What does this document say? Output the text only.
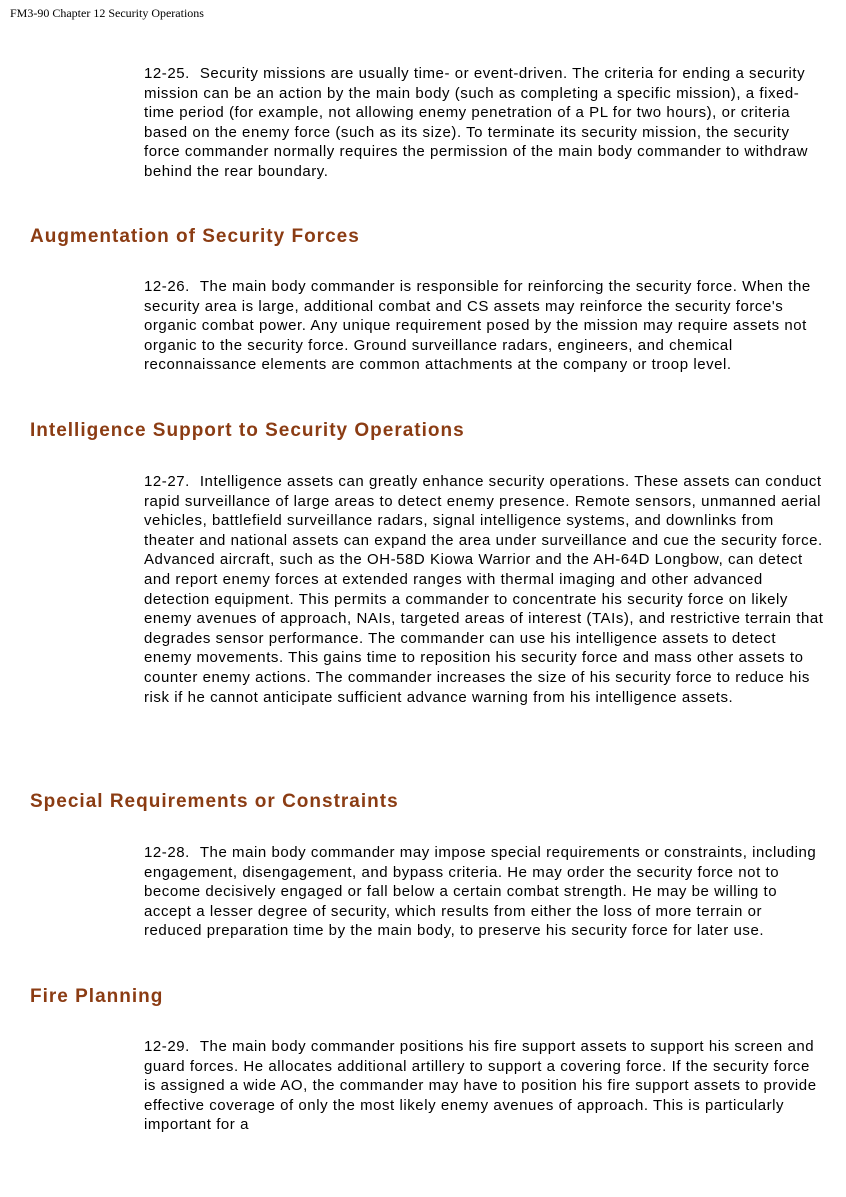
FM3-90 Chapter 12 Security Operations

12-25. Security missions are usually time- or event-driven. The criteria for ending a security mission can be an action by the main body (such as completing a specific mission), a fixed-time period (for example, not allowing enemy penetration of a PL for two hours), or criteria based on the enemy force (such as its size). To terminate its security mission, the security force commander normally requires the permission of the main body commander to withdraw behind the rear boundary.

Augmentation of Security Forces

12-26. The main body commander is responsible for reinforcing the security force. When the security area is large, additional combat and CS assets may reinforce the security force's organic combat power. Any unique requirement posed by the mission may require assets not organic to the security force. Ground surveillance radars, engineers, and chemical reconnaissance elements are common attachments at the company or troop level.

Intelligence Support to Security Operations

12-27. Intelligence assets can greatly enhance security operations. These assets can conduct rapid surveillance of large areas to detect enemy presence. Remote sensors, unmanned aerial vehicles, battlefield surveillance radars, signal intelligence systems, and downlinks from theater and national assets can expand the area under surveillance and cue the security force. Advanced aircraft, such as the OH-58D Kiowa Warrior and the AH-64D Longbow, can detect and report enemy forces at extended ranges with thermal imaging and other advanced detection equipment. This permits a commander to concentrate his security force on likely enemy avenues of approach, NAIs, targeted areas of interest (TAIs), and restrictive terrain that degrades sensor performance. The commander can use his intelligence assets to detect enemy movements. This gains time to reposition his security force and mass other assets to counter enemy actions. The commander increases the size of his security force to reduce his risk if he cannot anticipate sufficient advance warning from his intelligence assets.

Special Requirements or Constraints

12-28. The main body commander may impose special requirements or constraints, including engagement, disengagement, and bypass criteria. He may order the security force not to become decisively engaged or fall below a certain combat strength. He may be willing to accept a lesser degree of security, which results from either the loss of more terrain or reduced preparation time by the main body, to preserve his security force for later use.

Fire Planning

12-29. The main body commander positions his fire support assets to support his screen and guard forces. He allocates additional artillery to support a covering force. If the security force is assigned a wide AO, the commander may have to position his fire support assets to provide effective coverage of only the most likely enemy avenues of approach. This is particularly important for a
